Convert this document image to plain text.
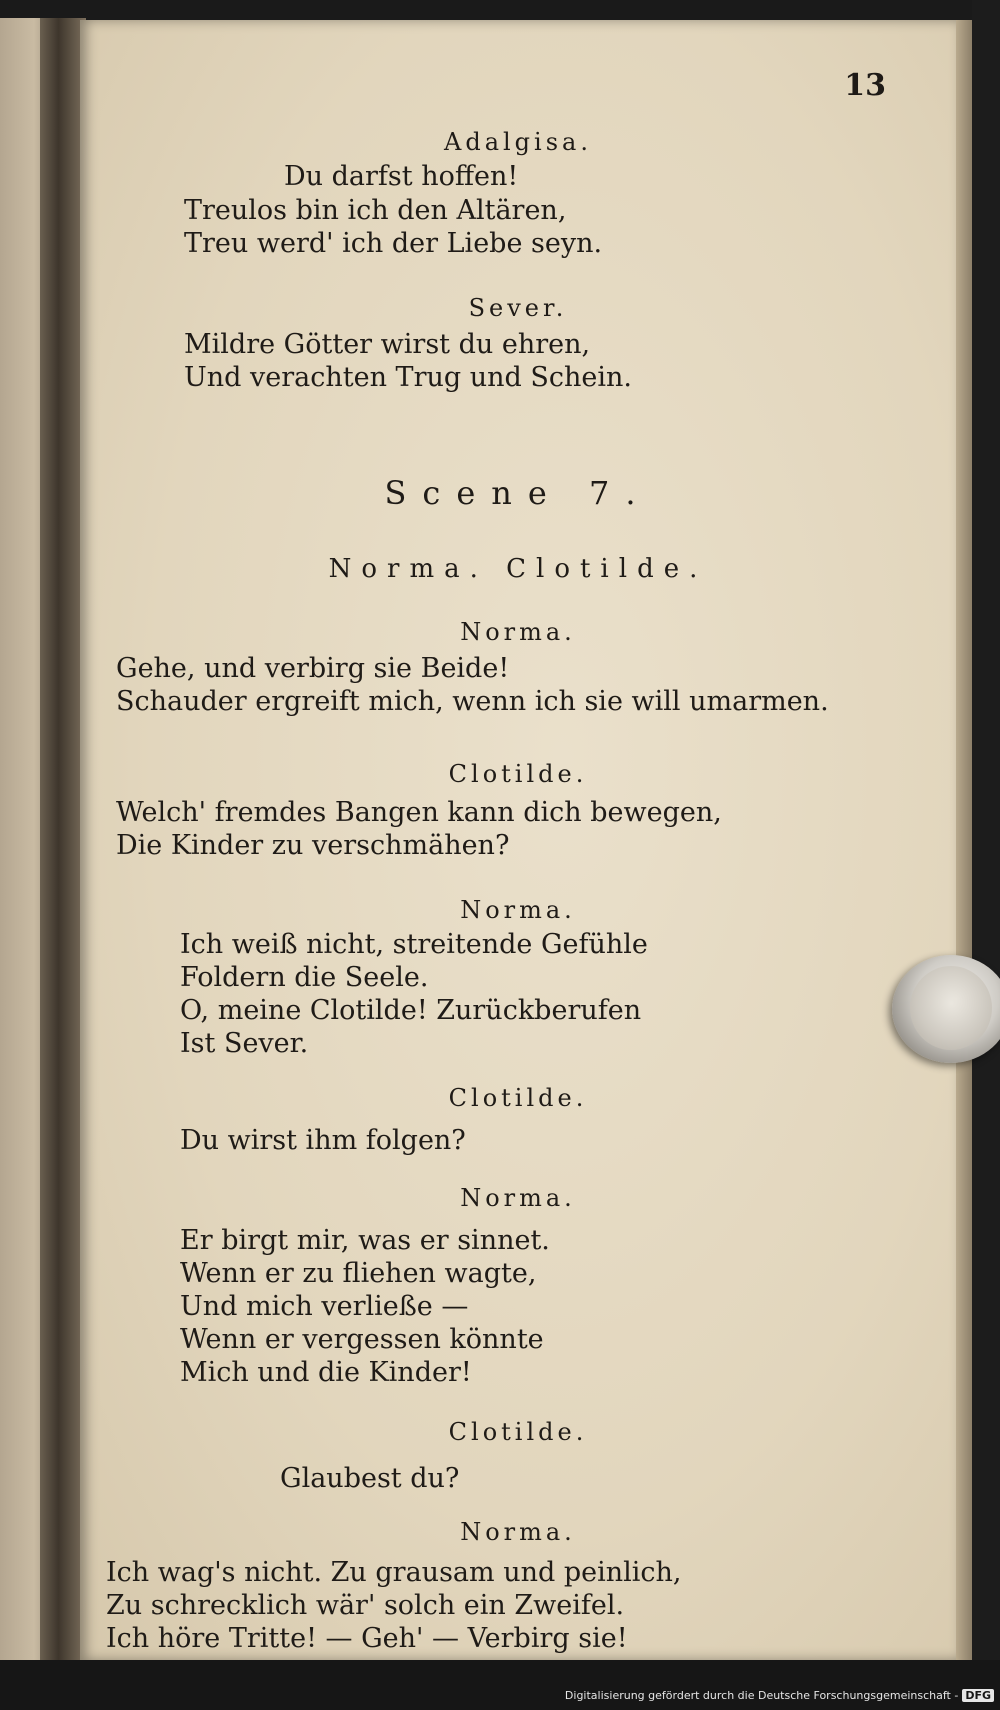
13
Adalgisa.
Du darfst hoffen!
Treulos bin ich den Altären,
Treu werd' ich der Liebe seyn.
Sever.
Mildre Götter wirst du ehren,
Und verachten Trug und Schein.
Scene 7.
Norma. Clotilde.
Norma.
Gehe, und verbirg sie Beide!
Schauder ergreift mich, wenn ich sie will umarmen.
Clotilde.
Welch' fremdes Bangen kann dich bewegen,
Die Kinder zu verschmähen?
Norma.
Ich weiß nicht, streitende Gefühle
Foldern die Seele.
O, meine Clotilde! Zurückberufen
Ist Sever.
Clotilde.
Du wirst ihm folgen?
Norma.
Er birgt mir, was er sinnet.
Wenn er zu fliehen wagte,
Und mich verließe —
Wenn er vergessen könnte
Mich und die Kinder!
Clotilde.
Glaubest du?
Norma.
Ich wag's nicht. Zu grausam und peinlich,
Zu schrecklich wär' solch ein Zweifel.
Ich höre Tritte! — Geh' — Verbirg sie!
Digitalisierung gefördert durch die Deutsche Forschungsgemeinschaft - DFG
